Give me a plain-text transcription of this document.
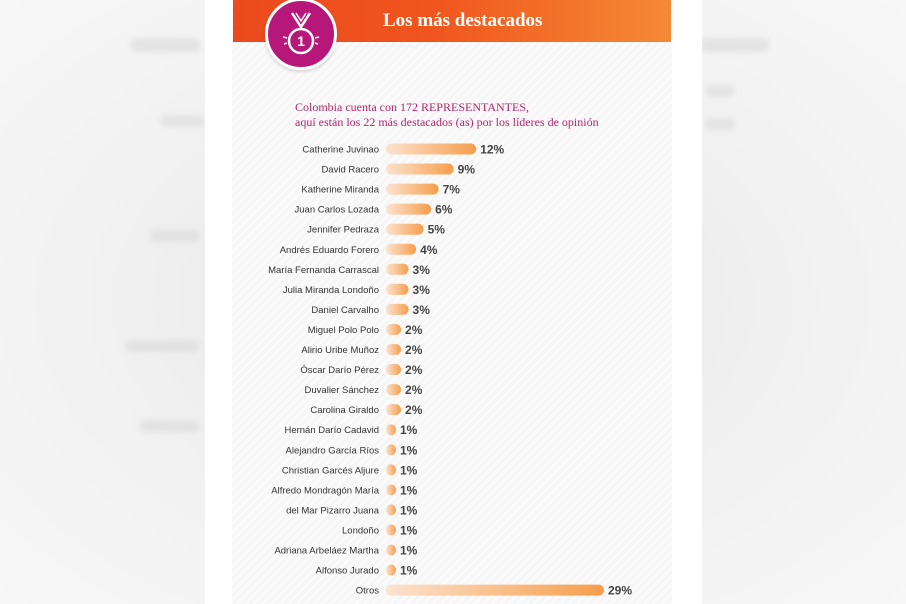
Los más destacados
1
Colombia cuenta con 172 REPRESENTANTES,
aquí están los 22 más destacados (as) por los líderes de opinión
Catherine Juvinao	12%
David Racero	9%
Katherine Miranda	7%
Juan Carlos Lozada	6%
Jennifer Pedraza	5%
Andrés Eduardo Forero	4%
María Fernanda Carrascal	3%
Julia Miranda Londoño	3%
Daniel Carvalho	3%
Miguel Polo Polo 2%
Alirio Uribe Muñoz 2%
Óscar Darío Pérez 2%
Duvalier Sánchez 2%
Carolina Giraldo 2%
Hernán Darío Cadavid 1%
Alejandro García Ríos 1%
Christian Garcés Aljure 1%
Alfredo Mondragón María 1%
del Mar Pizarro Juana 1%
Londoño 1%
Adriana Arbeláez Martha 1%
Alfonso Jurado 1%
Otros	29%
